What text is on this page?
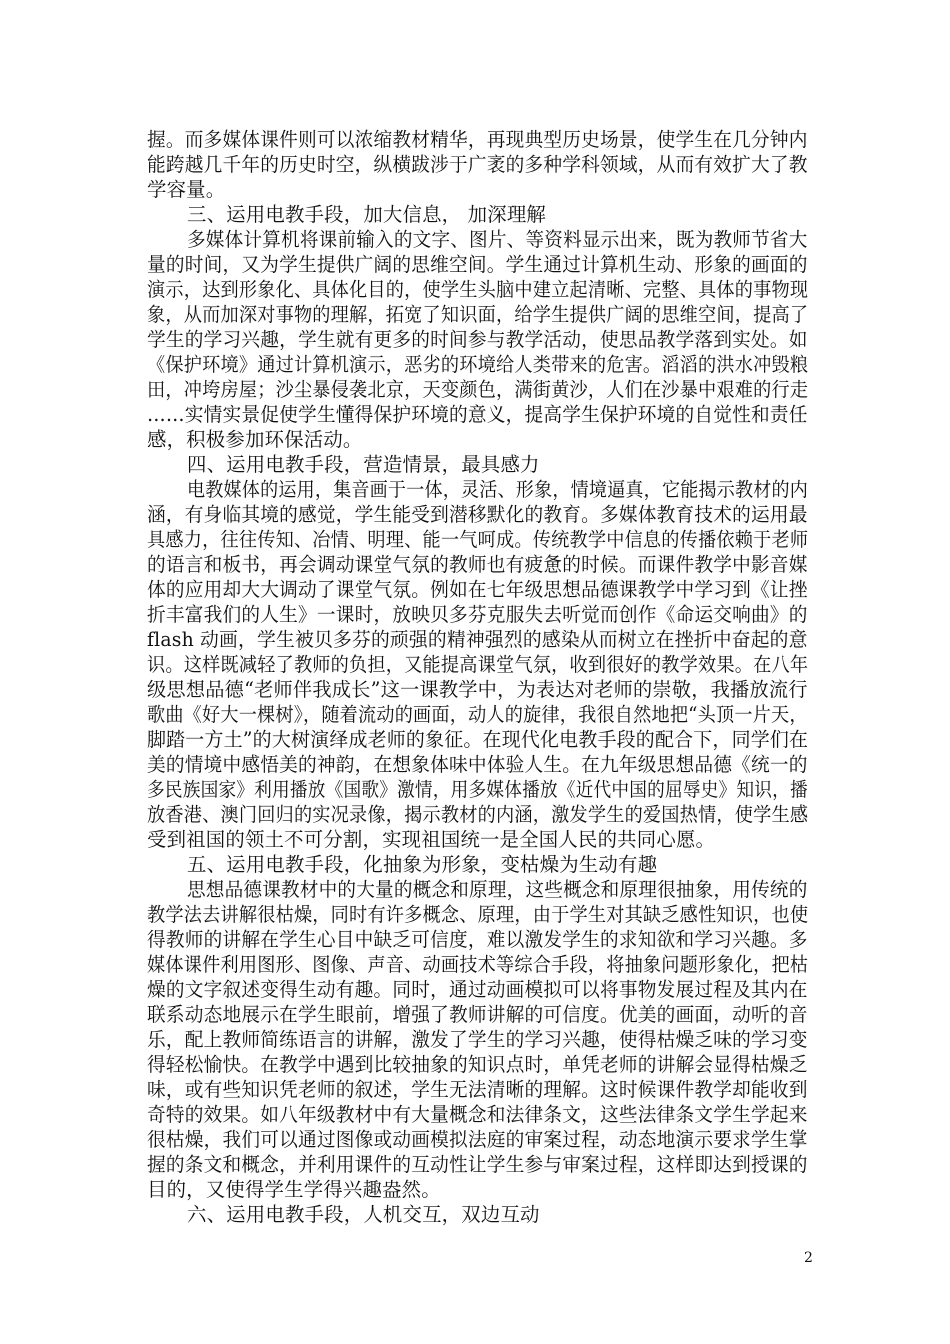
握。而多媒体课件则可以浓缩教材精华，再现典型历史场景，使学生在几分钟内
能跨越几千年的历史时空，纵横跋涉于广袤的多种学科领域，从而有效扩大了教
学容量。
三、运用电教手段，加大信息， 加深理解
多媒体计算机将课前输入的文字、图片、等资料显示出来，既为教师节省大
量的时间，又为学生提供广阔的思维空间。学生通过计算机生动、形象的画面的
演示，达到形象化、具体化目的，使学生头脑中建立起清晰、完整、具体的事物现
象，从而加深对事物的理解，拓宽了知识面，给学生提供广阔的思维空间，提高了
学生的学习兴趣，学生就有更多的时间参与教学活动，使思品教学落到实处。如
《保护环境》通过计算机演示，恶劣的环境给人类带来的危害。滔滔的洪水冲毁粮
田，冲垮房屋；沙尘暴侵袭北京，天变颜色，满街黄沙，人们在沙暴中艰难的行走
……实情实景促使学生懂得保护环境的意义，提高学生保护环境的自觉性和责任
感，积极参加环保活动。
四、运用电教手段，营造情景，最具感力
电教媒体的运用，集音画于一体，灵活、形象，情境逼真，它能揭示教材的内
涵，有身临其境的感觉，学生能受到潜移默化的教育。多媒体教育技术的运用最
具感力，往往传知、冶情、明理、能一气呵成。传统教学中信息的传播依赖于老师
的语言和板书，再会调动课堂气氛的教师也有疲惫的时候。而课件教学中影音媒
体的应用却大大调动了课堂气氛。例如在七年级思想品德课教学中学习到《让挫
折丰富我们的人生》一课时，放映贝多芬克服失去听觉而创作《命运交响曲》的
flash 动画，学生被贝多芬的顽强的精神强烈的感染从而树立在挫折中奋起的意
识。这样既减轻了教师的负担，又能提高课堂气氛，收到很好的教学效果。在八年
级思想品德“老师伴我成长”这一课教学中，为表达对老师的崇敬，我播放流行
歌曲《好大一棵树》，随着流动的画面，动人的旋律，我很自然地把“头顶一片天，
脚踏一方土”的大树演绎成老师的象征。在现代化电教手段的配合下，同学们在
美的情境中感悟美的神韵，在想象体味中体验人生。在九年级思想品德《统一的
多民族国家》利用播放《国歌》激情，用多媒体播放《近代中国的屈辱史》知识，播
放香港、澳门回归的实况录像，揭示教材的内涵，激发学生的爱国热情，使学生感
受到祖国的领土不可分割，实现祖国统一是全国人民的共同心愿。
五、运用电教手段，化抽象为形象，变枯燥为生动有趣
思想品德课教材中的大量的概念和原理，这些概念和原理很抽象，用传统的
教学法去讲解很枯燥，同时有许多概念、原理，由于学生对其缺乏感性知识，也使
得教师的讲解在学生心目中缺乏可信度，难以激发学生的求知欲和学习兴趣。多
媒体课件利用图形、图像、声音、动画技术等综合手段，将抽象问题形象化，把枯
燥的文字叙述变得生动有趣。同时，通过动画模拟可以将事物发展过程及其内在
联系动态地展示在学生眼前，增强了教师讲解的可信度。优美的画面，动听的音
乐，配上教师简练语言的讲解，激发了学生的学习兴趣，使得枯燥乏味的学习变
得轻松愉快。在教学中遇到比较抽象的知识点时，单凭老师的讲解会显得枯燥乏
味，或有些知识凭老师的叙述，学生无法清晰的理解。这时候课件教学却能收到
奇特的效果。如八年级教材中有大量概念和法律条文，这些法律条文学生学起来
很枯燥，我们可以通过图像或动画模拟法庭的审案过程，动态地演示要求学生掌
握的条文和概念，并利用课件的互动性让学生参与审案过程，这样即达到授课的
目的，又使得学生学得兴趣盎然。
六、运用电教手段，人机交互，双边互动
2
